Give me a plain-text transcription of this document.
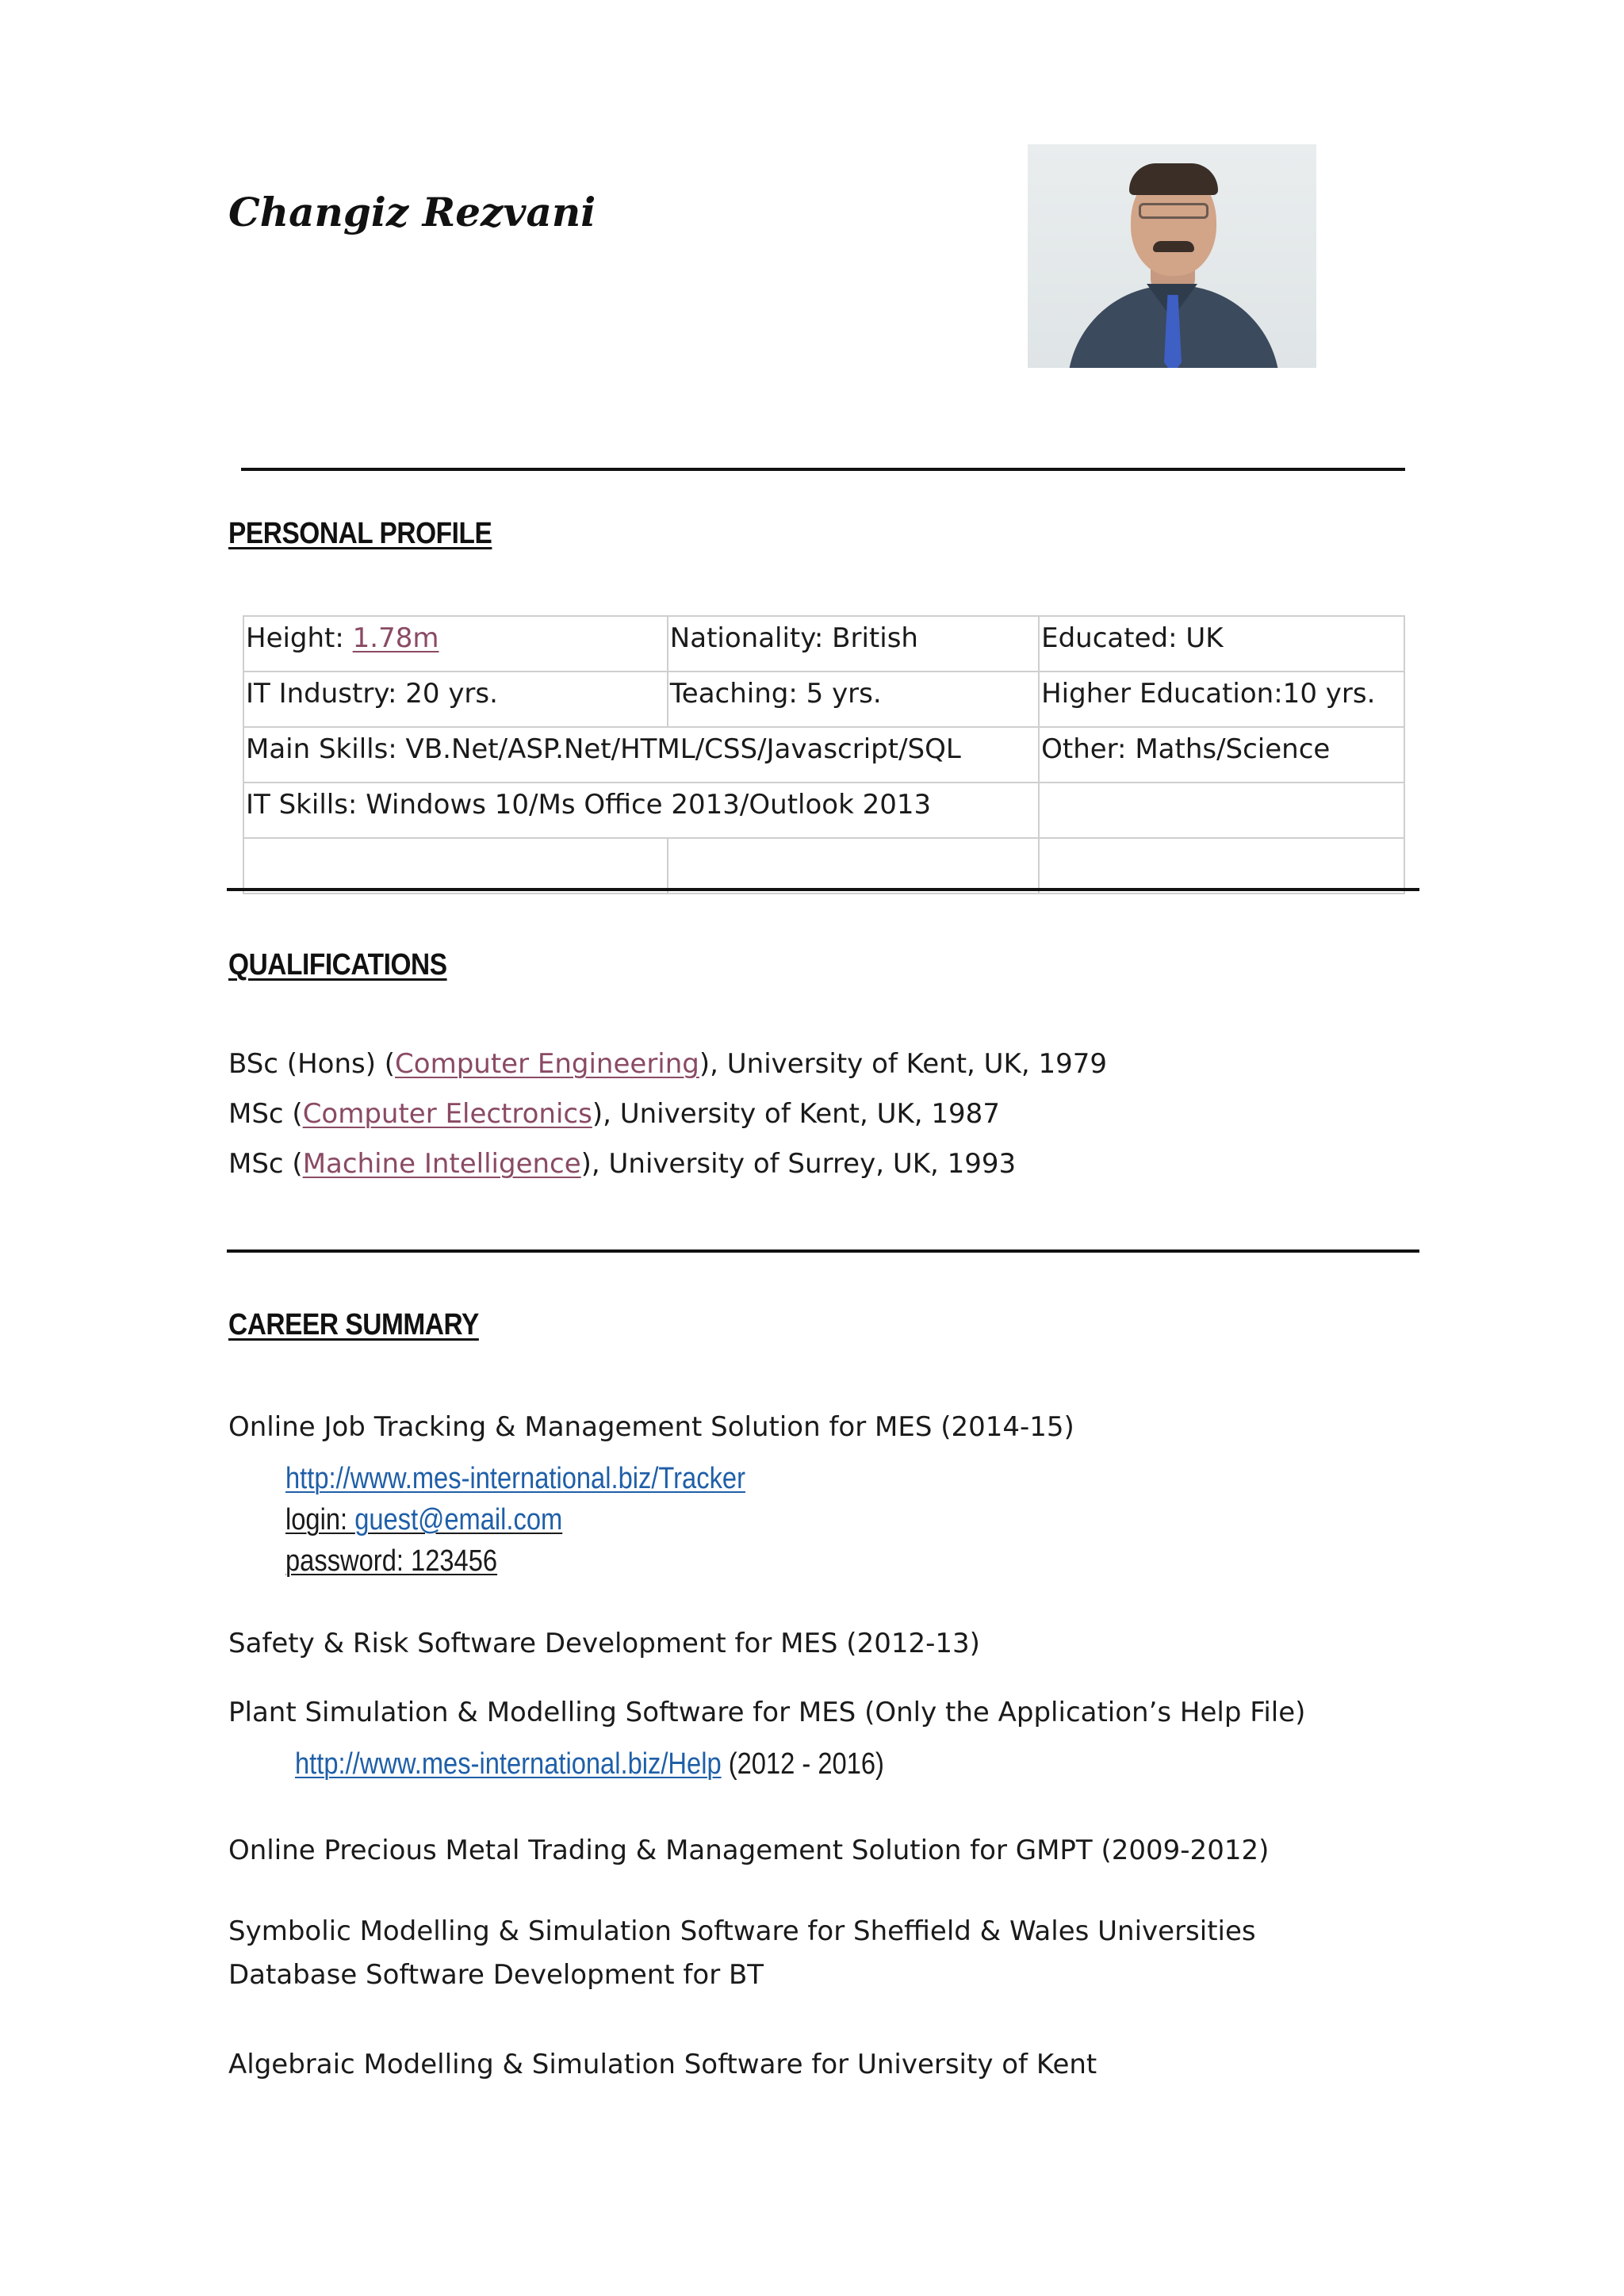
Changiz Rezvani
PERSONAL PROFILE
Height: 1.78m	Nationality: British	Educated: UK
IT Industry: 20 yrs.	Teaching: 5 yrs.	Higher Education:10 yrs.
Main Skills: VB.Net/ASP.Net/HTML/CSS/Javascript/SQL		Other: Maths/Science
IT Skills: Windows 10/Ms Office 2013/Outlook 2013		

QUALIFICATIONS

BSc (Hons) (Computer Engineering), University of Kent, UK, 1979

MSc (Computer Electronics), University of Kent, UK, 1987

MSc (Machine Intelligence), University of Surrey, UK, 1993

CAREER SUMMARY

Online Job Tracking & Management Solution for MES (2014-15)

http://www.mes-international.biz/Tracker

login: guest@email.com

password: 123456

Safety & Risk Software Development for MES (2012-13)

Plant Simulation & Modelling Software for MES (Only the Application’s Help File)

http://www.mes-international.biz/Help (2012 - 2016)

Online Precious Metal Trading & Management Solution for GMPT (2009-2012)

Symbolic Modelling & Simulation Software for Sheffield & Wales Universities

Database Software Development for BT

Algebraic Modelling & Simulation Software for University of Kent
